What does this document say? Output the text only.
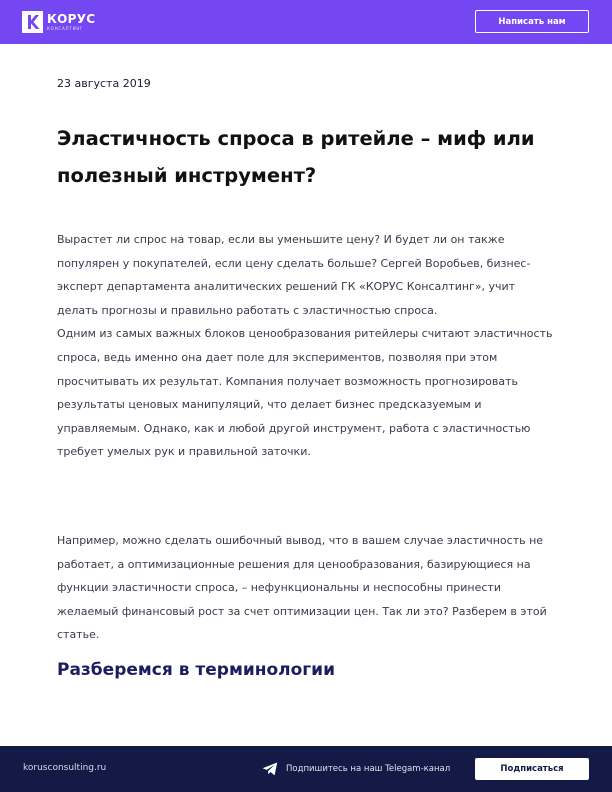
КОРУС
КОНСАЛТИНГ
Написать нам
23 августа 2019
Эластичность спроса в ритейле – миф или полезный инструмент?

Вырастет ли спрос на товар, если вы уменьшите цену? И будет ли он также популярен у покупателей, если цену сделать больше? Сергей Воробьев, бизнес-эксперт департамента аналитических решений ГК «КОРУС Консалтинг», учит делать прогнозы и правильно работать с эластичностью спроса.
Одним из самых важных блоков ценообразования ритейлеры считают эластичность спроса, ведь именно она дает поле для экспериментов, позволяя при этом просчитывать их результат. Компания получает возможность прогнозировать результаты ценовых манипуляций, что делает бизнес предсказуемым и управляемым. Однако, как и любой другой инструмент, работа с эластичностью требует умелых рук и правильной заточки.

Например, можно сделать ошибочный вывод, что в вашем случае эластичность не работает, а оптимизационные решения для ценообразования, базирующиеся на функции эластичности спроса, – нефункциональны и неспособны принести желаемый финансовый рост за счет оптимизации цен. Так ли это? Разберем в этой статье.

Разберемся в терминологии
korusconsulting.ru	Подпишитесь на наш Telegam-канал	Подписаться
